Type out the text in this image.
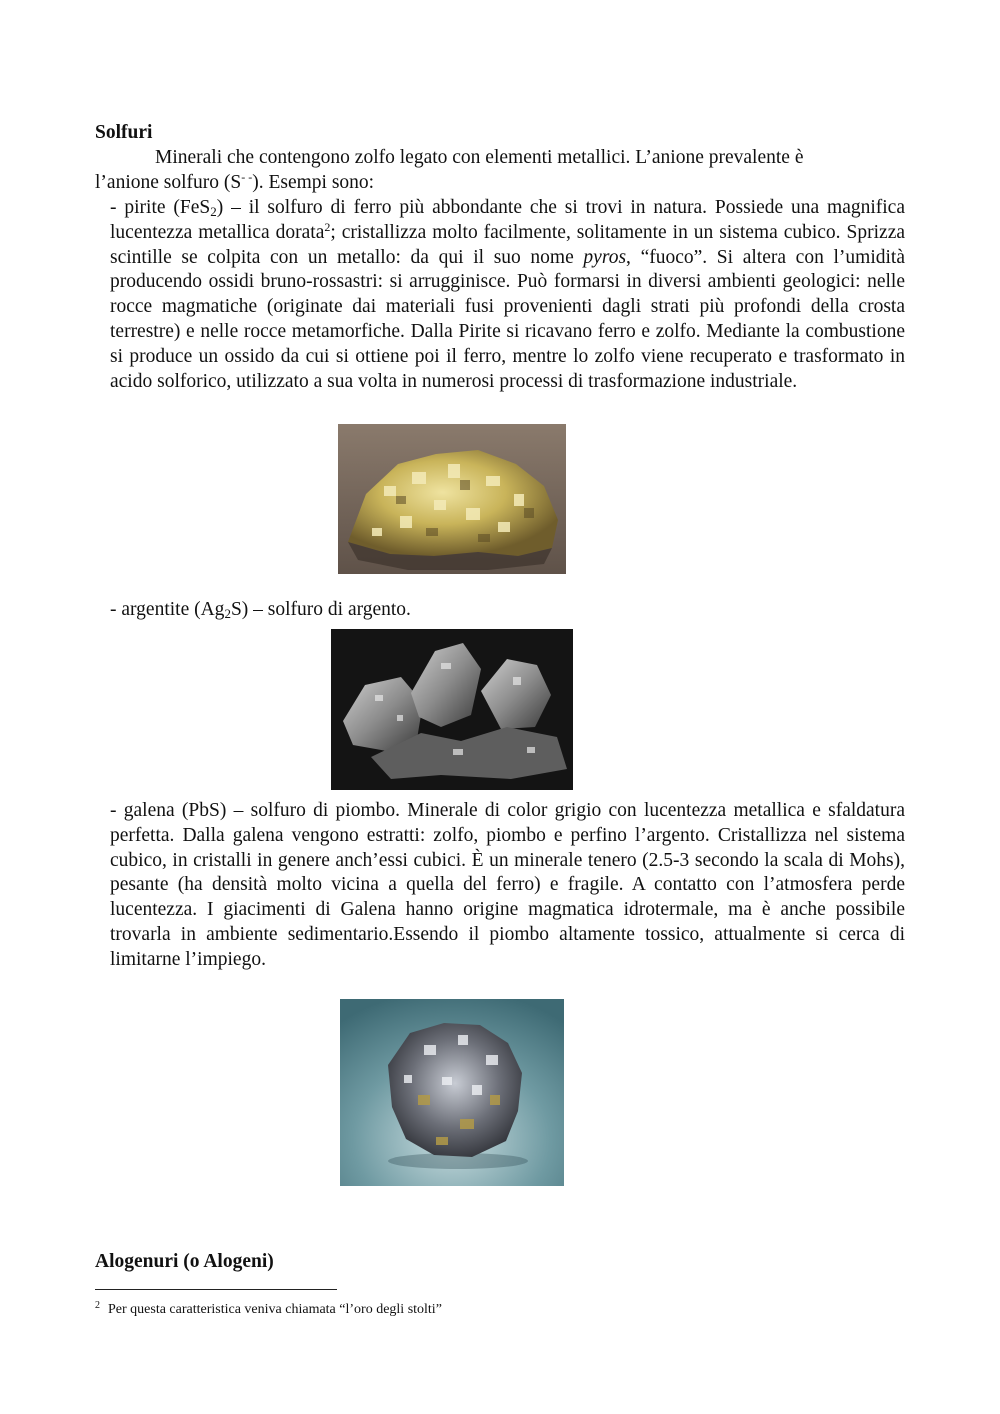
Solfuri
Minerali che contengono zolfo legato con elementi metallici. L’anione prevalente è
l’anione solfuro (S- -). Esempi sono:
- pirite (FeS$_2$) – il solfuro di ferro più abbondante che si trovi in natura. Possiede una magnifica lucentezza metallica dorata$^2$; cristallizza molto facilmente, solitamente in un sistema cubico. Sprizza scintille se colpita con un metallo: da qui il suo nome pyros, “fuoco”. Si altera con l’umidità producendo ossidi bruno-rossastri: si arrugginisce. Può formarsi in diversi ambienti geologici: nelle rocce magmatiche (originate dai materiali fusi provenienti dagli strati più profondi della crosta terrestre) e nelle rocce metamorfiche. Dalla Pirite si ricavano ferro e zolfo. Mediante la combustione si produce un ossido da cui si ottiene poi il ferro, mentre lo zolfo viene recuperato e trasformato in acido solforico, utilizzato a sua volta in numerosi processi di trasformazione industriale.
- argentite $(Ag_2S)$ – solfuro di argento.
- galena (PbS) – solfuro di piombo. Minerale di color grigio con lucentezza metallica e sfaldatura perfetta. Dalla galena vengono estratti: zolfo, piombo e perfino l’argento. Cristallizza nel sistema cubico, in cristalli in genere anch’essi cubici. È un minerale tenero (2.5-3 secondo la scala di Mohs), pesante (ha densità molto vicina a quella del ferro) e fragile. A contatto con l’atmosfera perde lucentezza. I giacimenti di Galena hanno origine magmatica idrotermale, ma è anche possibile trovarla in ambiente sedimentario.Essendo il piombo altamente tossico, attualmente si cerca di limitarne l’impiego.
Alogenuri (o Alogeni)
$^2$ Per questa caratteristica veniva chiamata “l’oro degli stolti”
